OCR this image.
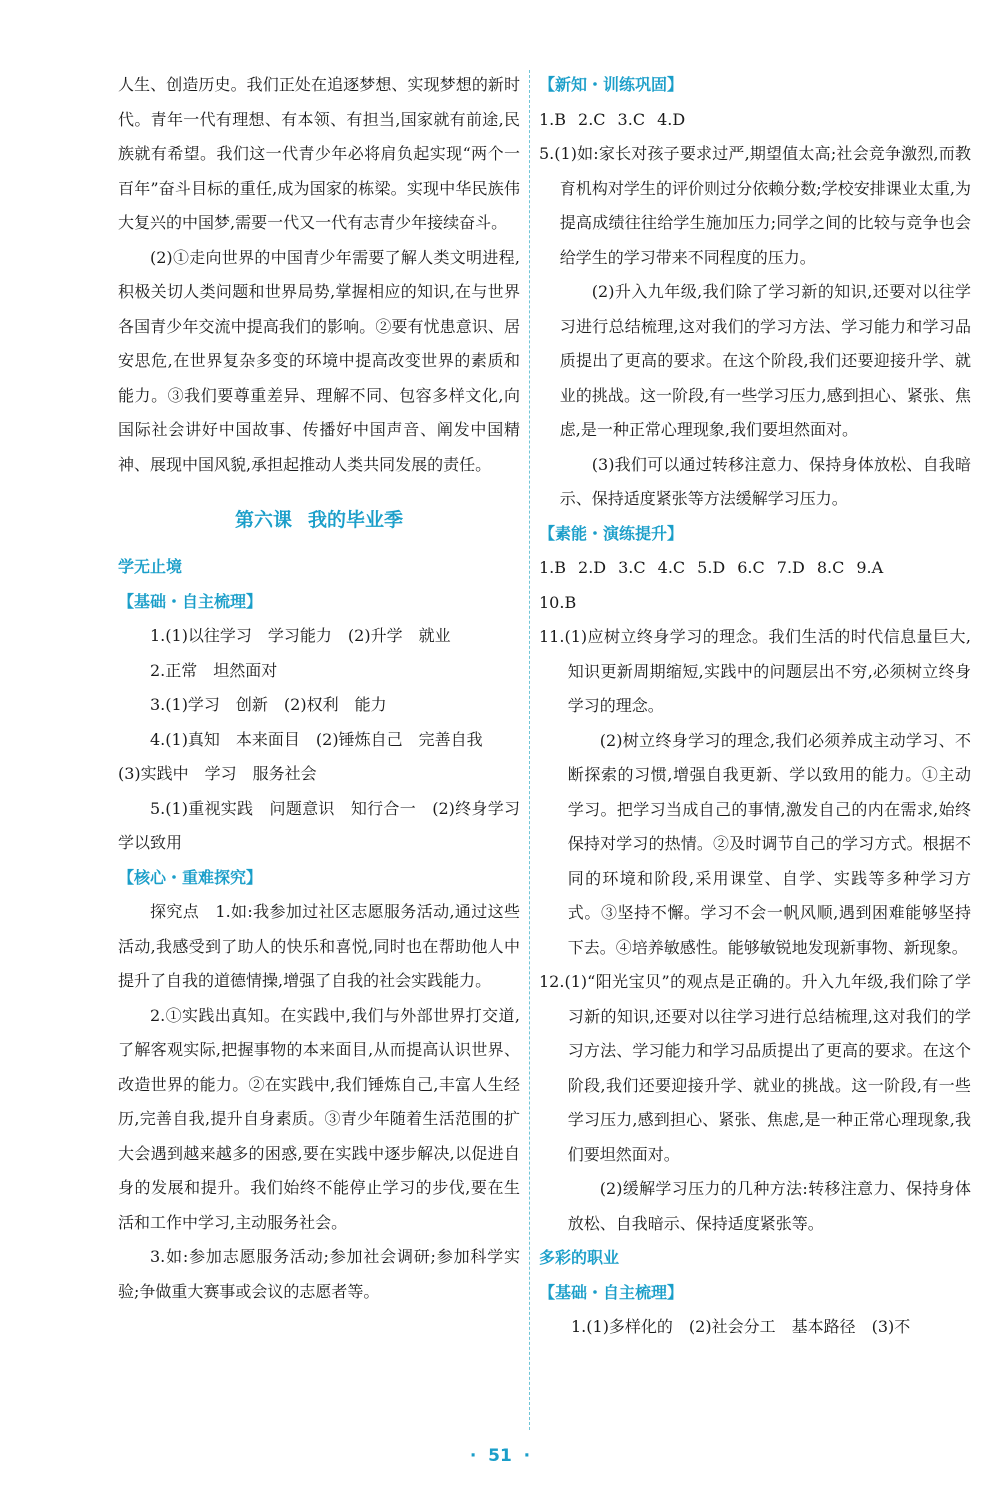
人生、创造历史。我们正处在追逐梦想、实现梦想的新时代。青年一代有理想、有本领、有担当,国家就有前途,民族就有希望。我们这一代青少年必将肩负起实现“两个一百年”奋斗目标的重任,成为国家的栋梁。实现中华民族伟大复兴的中国梦,需要一代又一代有志青少年接续奋斗。

(2)①走向世界的中国青少年需要了解人类文明进程,积极关切人类问题和世界局势,掌握相应的知识,在与世界各国青少年交流中提高我们的影响。②要有忧患意识、居安思危,在世界复杂多变的环境中提高改变世界的素质和能力。③我们要尊重差异、理解不同、包容多样文化,向国际社会讲好中国故事、传播好中国声音、阐发中国精神、展现中国风貌,承担起推动人类共同发展的责任。

第六课 我的毕业季
学无止境
【基础・自主梳理】

1.(1)以往学习　学习能力　(2)升学　就业

2.正常　坦然面对

3.(1)学习　创新　(2)权利　能力

4.(1)真知　本来面目　(2)锤炼自己　完善自我

(3)实践中　学习　服务社会

5.(1)重视实践　问题意识　知行合一　(2)终身学习　学以致用

【核心・重难探究】

探究点　1.如:我参加过社区志愿服务活动,通过这些活动,我感受到了助人的快乐和喜悦,同时也在帮助他人中提升了自我的道德情操,增强了自我的社会实践能力。

2.①实践出真知。在实践中,我们与外部世界打交道,了解客观实际,把握事物的本来面目,从而提高认识世界、改造世界的能力。②在实践中,我们锤炼自己,丰富人生经历,完善自我,提升自身素质。③青少年随着生活范围的扩大会遇到越来越多的困惑,要在实践中逐步解决,以促进自身的发展和提升。我们始终不能停止学习的步伐,要在生活和工作中学习,主动服务社会。

3.如:参加志愿服务活动;参加社会调研;参加科学实验;争做重大赛事或会议的志愿者等。

【新知・训练巩固】

1.B 2.C 3.C 4.D

5.(1)如:家长对孩子要求过严,期望值太高;社会竞争激烈,而教育机构对学生的评价则过分依赖分数;学校安排课业太重,为提高成绩往往给学生施加压力;同学之间的比较与竞争也会给学生的学习带来不同程度的压力。

(2)升入九年级,我们除了学习新的知识,还要对以往学习进行总结梳理,这对我们的学习方法、学习能力和学习品质提出了更高的要求。在这个阶段,我们还要迎接升学、就业的挑战。这一阶段,有一些学习压力,感到担心、紧张、焦虑,是一种正常心理现象,我们要坦然面对。

(3)我们可以通过转移注意力、保持身体放松、自我暗示、保持适度紧张等方法缓解学习压力。

【素能・演练提升】

1.B 2.D 3.C 4.C 5.D 6.C 7.D 8.C 9.A

10.B

11.(1)应树立终身学习的理念。我们生活的时代信息量巨大,知识更新周期缩短,实践中的问题层出不穷,必须树立终身学习的理念。

(2)树立终身学习的理念,我们必须养成主动学习、不断探索的习惯,增强自我更新、学以致用的能力。①主动学习。把学习当成自己的事情,激发自己的内在需求,始终保持对学习的热情。②及时调节自己的学习方式。根据不同的环境和阶段,采用课堂、自学、实践等多种学习方式。③坚持不懈。学习不会一帆风顺,遇到困难能够坚持下去。④培养敏感性。能够敏锐地发现新事物、新现象。

12.(1)“阳光宝贝”的观点是正确的。升入九年级,我们除了学习新的知识,还要对以往学习进行总结梳理,这对我们的学习方法、学习能力和学习品质提出了更高的要求。在这个阶段,我们还要迎接升学、就业的挑战。这一阶段,有一些学习压力,感到担心、紧张、焦虑,是一种正常心理现象,我们要坦然面对。

(2)缓解学习压力的几种方法:转移注意力、保持身体放松、自我暗示、保持适度紧张等。

多彩的职业
【基础・自主梳理】

1.(1)多样化的　(2)社会分工　基本路径　(3)不

·  51  ·
